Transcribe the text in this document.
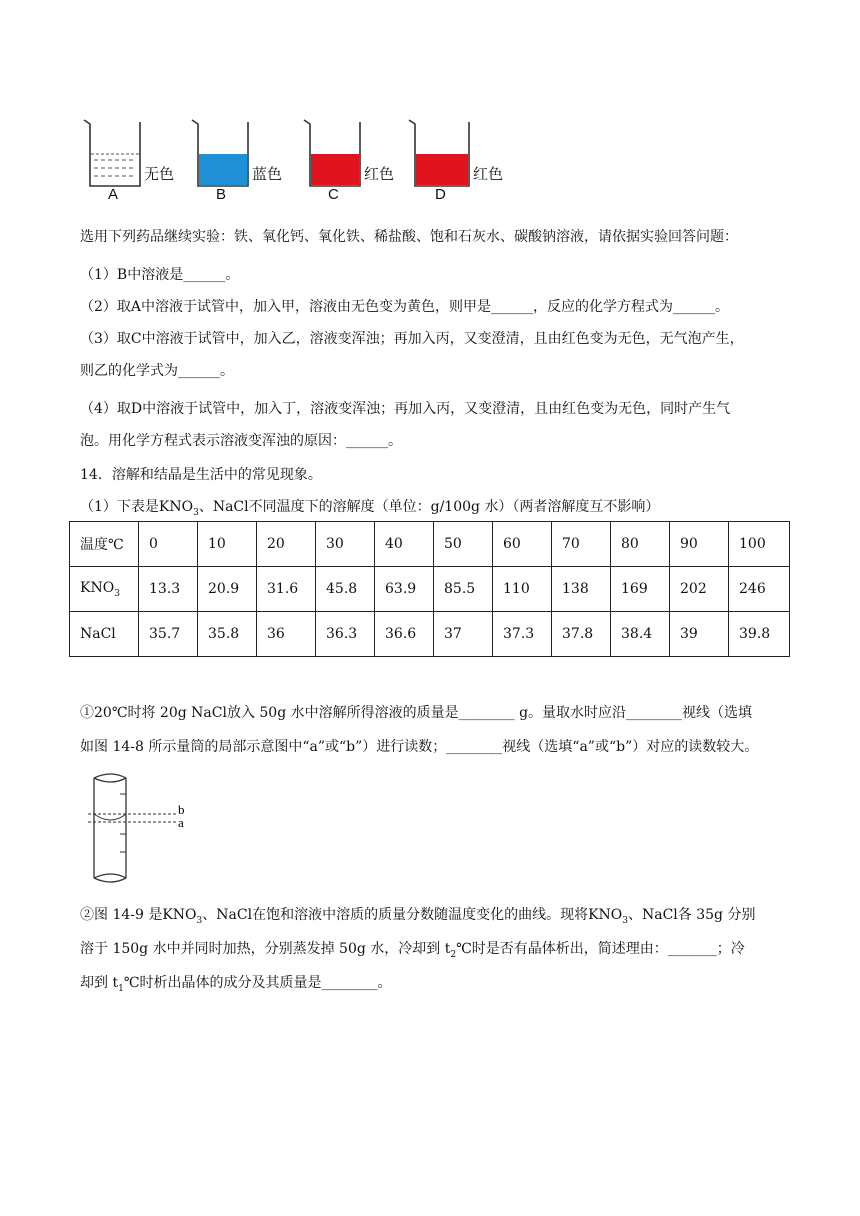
无色
A
蓝色
B
红色
C
红色
D
选用下列药品继续实验：铁、氧化钙、氧化铁、稀盐酸、饱和石灰水、碳酸钠溶液，请依据实验回答问题：
（1）B中溶液是______。
（2）取A中溶液于试管中，加入甲，溶液由无色变为黄色，则甲是______，反应的化学方程式为______。
（3）取C中溶液于试管中，加入乙，溶液变浑浊；再加入丙，又变澄清，且由红色变为无色，无气泡产生，
则乙的化学式为______。
（4）取D中溶液于试管中，加入丁，溶液变浑浊；再加入丙，又变澄清，且由红色变为无色，同时产生气
泡。用化学方程式表示溶液变浑浊的原因：______。
14．溶解和结晶是生活中的常见现象。
（1）下表是$KNO_3$、NaCl不同温度下的溶解度（单位：g/100g 水）（两者溶解度互不影响）
温度℃	0	10	20	30	40	50	60	70	80	90	100
$KNO_3$	13.3	20.9	31.6	45.8	63.9	85.5	110	138	169	202	246
NaCl	35.7	35.8	36	36.3	36.6	37	37.3	37.8	38.4	39	39.8
①20℃时将 20g NaCl放入 50g 水中溶解所得溶液的质量是________ g。量取水时应沿________视线（选填
如图 14-8 所示量筒的局部示意图中“a”或“b”）进行读数；________视线（选填“a”或“b”）对应的读数较大。
b
a
②图 14-9 是$KNO_3$、NaCl在饱和溶液中溶质的质量分数随温度变化的曲线。现将$KNO_3$、NaCl各 35g 分别
溶于 150g 水中并同时加热，分别蒸发掉 50g 水，冷却到 $t_2℃$时是否有晶体析出，简述理由：_______；冷
却到 $t_1℃$时析出晶体的成分及其质量是________。
